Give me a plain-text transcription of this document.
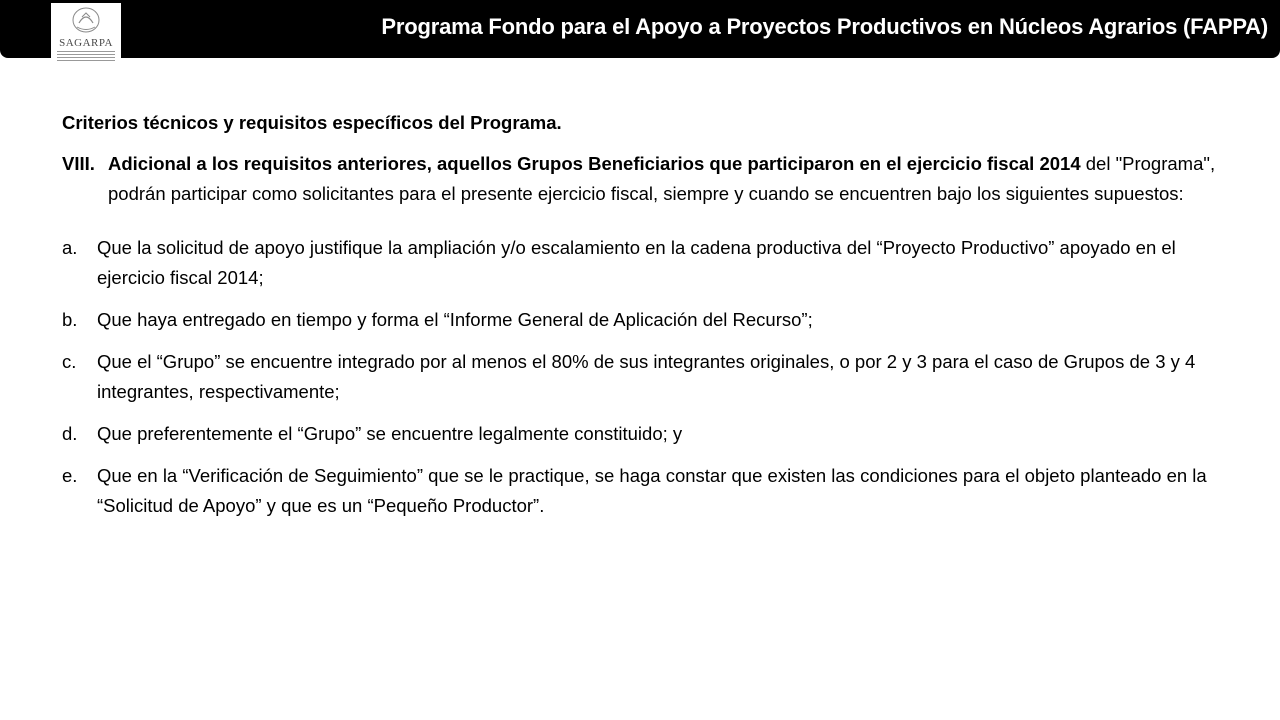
Programa Fondo para el Apoyo a Proyectos Productivos en Núcleos Agrarios (FAPPA)
SAGARPA
Criterios técnicos y requisitos específicos del Programa.
VIII. Adicional a los requisitos anteriores, aquellos Grupos Beneficiarios que participaron en el ejercicio fiscal 2014 del "Programa", podrán participar como solicitantes para el presente ejercicio fiscal, siempre y cuando se encuentren bajo los siguientes supuestos:
a. Que la solicitud de apoyo justifique la ampliación y/o escalamiento en la cadena productiva del “Proyecto Productivo” apoyado en el ejercicio fiscal 2014;
b. Que haya entregado en tiempo y forma el “Informe General de Aplicación del Recurso”;
c. Que el “Grupo” se encuentre integrado por al menos el 80% de sus integrantes originales, o por 2 y 3 para el caso de Grupos de 3 y 4 integrantes, respectivamente;
d. Que preferentemente el “Grupo” se encuentre legalmente constituido; y
e. Que en la “Verificación de Seguimiento” que se le practique, se haga constar que existen las condiciones para el objeto planteado en la “Solicitud de Apoyo” y que es un “Pequeño Productor”.
